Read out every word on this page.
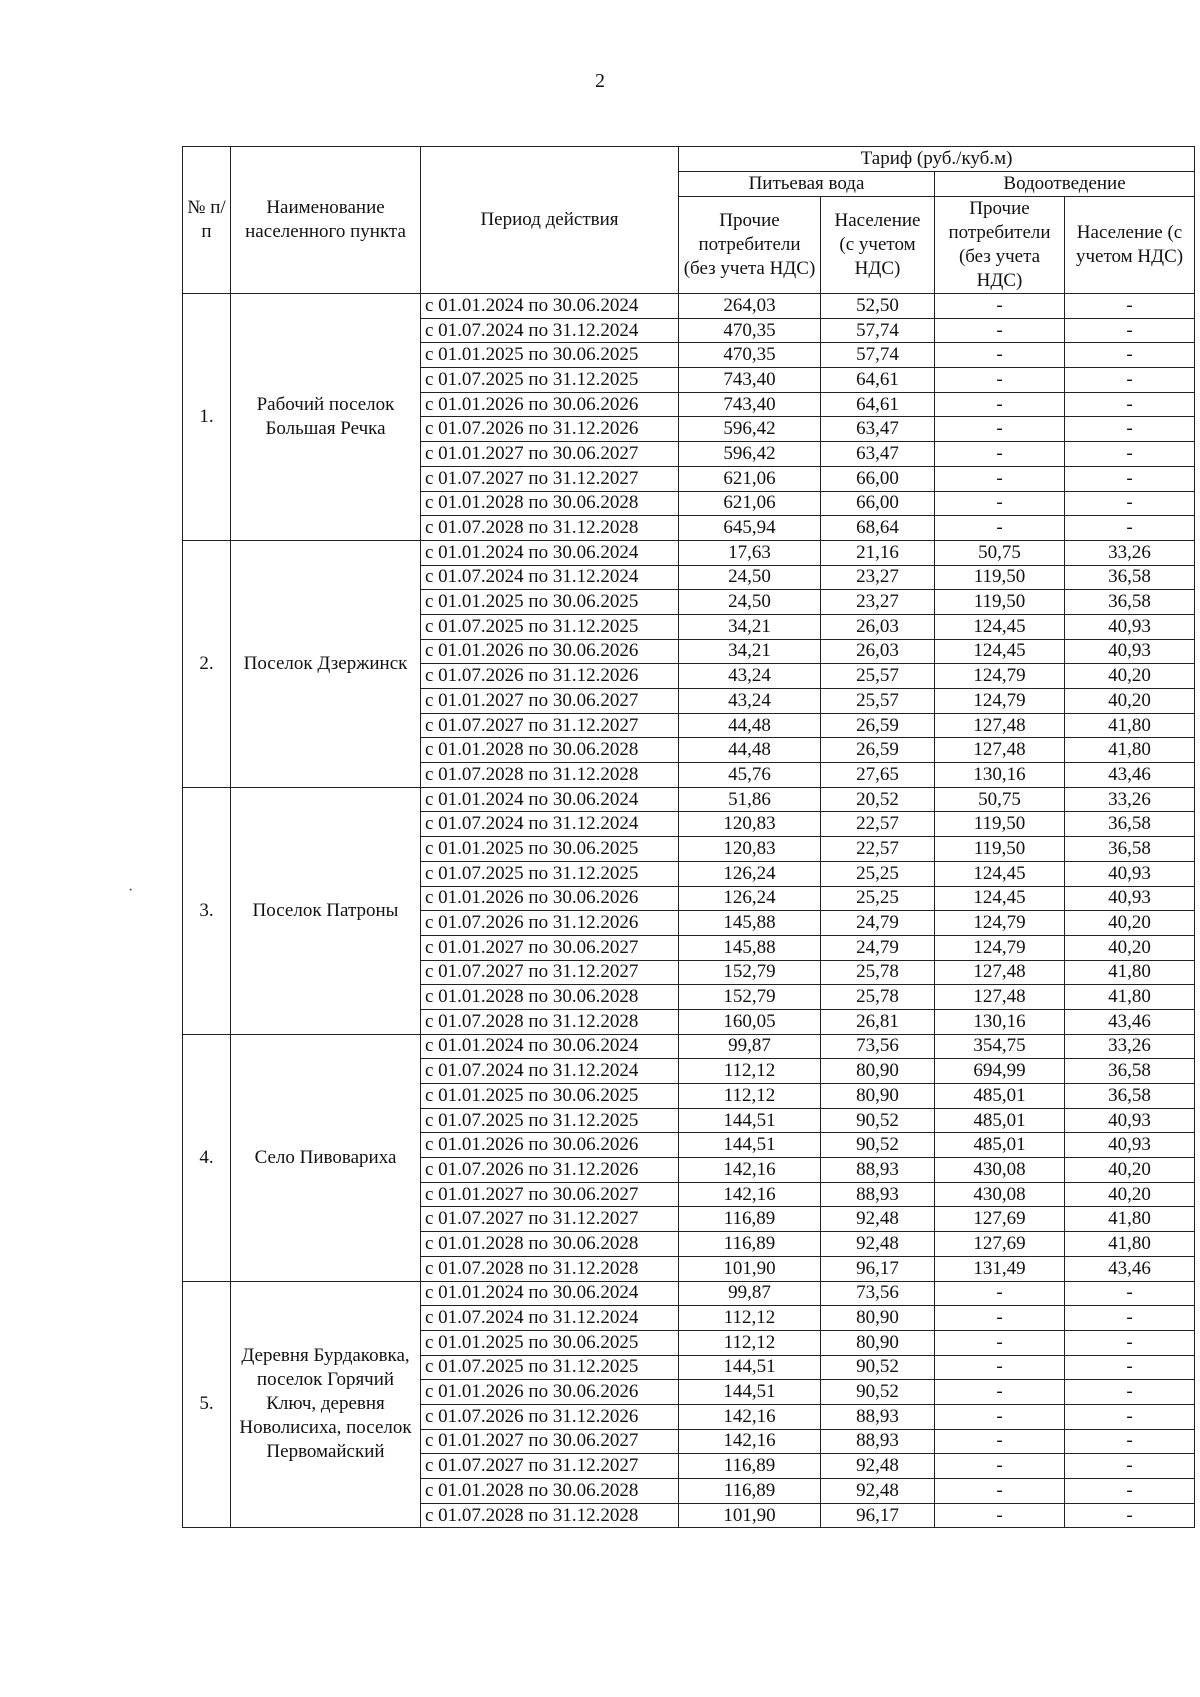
2
·
№ п/п	Наименование населенного пункта	Период действия	Тариф (руб./куб.м)			
			Питьевая вода		Водоотведение	
			Прочие потребители (без учета НДС)	Население (с учетом НДС)	Прочие потребители (без учета НДС)	Население (с учетом НДС)
1.	Рабочий поселок Большая Речка	с 01.01.2024 по 30.06.2024	264,03	52,50	-	-
		с 01.07.2024 по 31.12.2024	470,35	57,74	-	-
		с 01.01.2025 по 30.06.2025	470,35	57,74	-	-
		с 01.07.2025 по 31.12.2025	743,40	64,61	-	-
		с 01.01.2026 по 30.06.2026	743,40	64,61	-	-
		с 01.07.2026 по 31.12.2026	596,42	63,47	-	-
		с 01.01.2027 по 30.06.2027	596,42	63,47	-	-
		с 01.07.2027 по 31.12.2027	621,06	66,00	-	-
		с 01.01.2028 по 30.06.2028	621,06	66,00	-	-
		с 01.07.2028 по 31.12.2028	645,94	68,64	-	-
2.	Поселок Дзержинск	с 01.01.2024 по 30.06.2024	17,63	21,16	50,75	33,26
		с 01.07.2024 по 31.12.2024	24,50	23,27	119,50	36,58
		с 01.01.2025 по 30.06.2025	24,50	23,27	119,50	36,58
		с 01.07.2025 по 31.12.2025	34,21	26,03	124,45	40,93
		с 01.01.2026 по 30.06.2026	34,21	26,03	124,45	40,93
		с 01.07.2026 по 31.12.2026	43,24	25,57	124,79	40,20
		с 01.01.2027 по 30.06.2027	43,24	25,57	124,79	40,20
		с 01.07.2027 по 31.12.2027	44,48	26,59	127,48	41,80
		с 01.01.2028 по 30.06.2028	44,48	26,59	127,48	41,80
		с 01.07.2028 по 31.12.2028	45,76	27,65	130,16	43,46
3.	Поселок Патроны	с 01.01.2024 по 30.06.2024	51,86	20,52	50,75	33,26
		с 01.07.2024 по 31.12.2024	120,83	22,57	119,50	36,58
		с 01.01.2025 по 30.06.2025	120,83	22,57	119,50	36,58
		с 01.07.2025 по 31.12.2025	126,24	25,25	124,45	40,93
		с 01.01.2026 по 30.06.2026	126,24	25,25	124,45	40,93
		с 01.07.2026 по 31.12.2026	145,88	24,79	124,79	40,20
		с 01.01.2027 по 30.06.2027	145,88	24,79	124,79	40,20
		с 01.07.2027 по 31.12.2027	152,79	25,78	127,48	41,80
		с 01.01.2028 по 30.06.2028	152,79	25,78	127,48	41,80
		с 01.07.2028 по 31.12.2028	160,05	26,81	130,16	43,46
4.	Село Пивовариха	с 01.01.2024 по 30.06.2024	99,87	73,56	354,75	33,26
		с 01.07.2024 по 31.12.2024	112,12	80,90	694,99	36,58
		с 01.01.2025 по 30.06.2025	112,12	80,90	485,01	36,58
		с 01.07.2025 по 31.12.2025	144,51	90,52	485,01	40,93
		с 01.01.2026 по 30.06.2026	144,51	90,52	485,01	40,93
		с 01.07.2026 по 31.12.2026	142,16	88,93	430,08	40,20
		с 01.01.2027 по 30.06.2027	142,16	88,93	430,08	40,20
		с 01.07.2027 по 31.12.2027	116,89	92,48	127,69	41,80
		с 01.01.2028 по 30.06.2028	116,89	92,48	127,69	41,80
		с 01.07.2028 по 31.12.2028	101,90	96,17	131,49	43,46
5.	Деревня Бурдаковка, поселок Горячий Ключ, деревня Новолисиха, поселок Первомайский	с 01.01.2024 по 30.06.2024	99,87	73,56	-	-
		с 01.07.2024 по 31.12.2024	112,12	80,90	-	-
		с 01.01.2025 по 30.06.2025	112,12	80,90	-	-
		с 01.07.2025 по 31.12.2025	144,51	90,52	-	-
		с 01.01.2026 по 30.06.2026	144,51	90,52	-	-
		с 01.07.2026 по 31.12.2026	142,16	88,93	-	-
		с 01.01.2027 по 30.06.2027	142,16	88,93	-	-
		с 01.07.2027 по 31.12.2027	116,89	92,48	-	-
		с 01.01.2028 по 30.06.2028	116,89	92,48	-	-
		с 01.07.2028 по 31.12.2028	101,90	96,17	-	-
